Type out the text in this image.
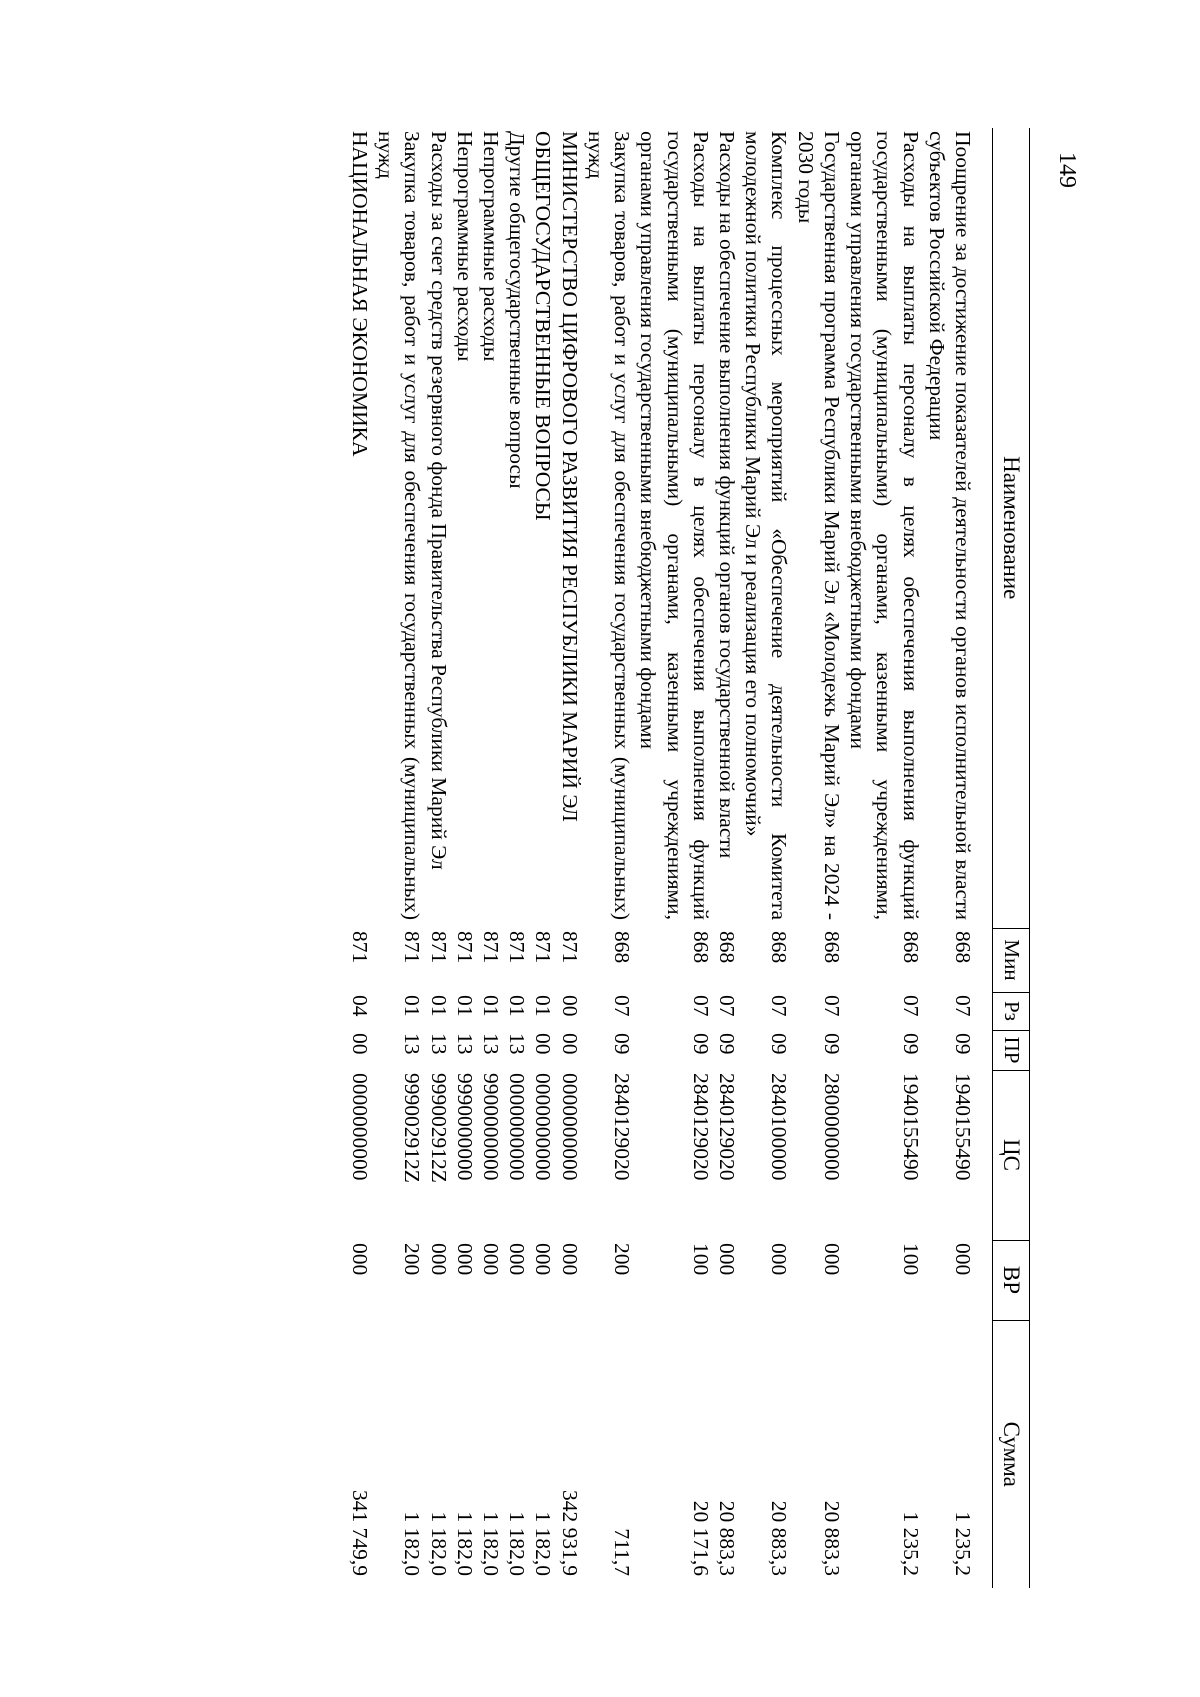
149
Наименование	Мин	Рз	ПР	ЦС	ВР	Сумма
Поощрение за достижение показателей деятельности органов исполнительной власти субъектов Российской Федерации	868	07	09	1940155490	000	1 235,2
Расходы на выплаты персоналу в целях обеспечения выполнения функций государственными (муниципальными) органами, казенными учреждениями, органами управления государственными внебюджетными фондами	868	07	09	1940155490	100	1 235,2
Государственная программа Республики Марий Эл «Молодежь Марий Эл» на 2024 - 2030 годы	868	07	09	2800000000	000	20 883,3
Комплекс процессных мероприятий «Обеспечение деятельности Комитета молодежной политики Республики Марий Эл и реализация его полномочий»	868	07	09	2840100000	000	20 883,3
Расходы на обеспечение выполнения функций органов государственной власти	868	07	09	2840129020	000	20 883,3
Расходы на выплаты персоналу в целях обеспечения выполнения функций государственными (муниципальными) органами, казенными учреждениями, органами управления государственными внебюджетными фондами	868	07	09	2840129020	100	20 171,6
Закупка товаров, работ и услуг для обеспечения государственных (муниципальных) нужд	868	07	09	2840129020	200	711,7
МИНИСТЕРСТВО ЦИФРОВОГО РАЗВИТИЯ РЕСПУБЛИКИ МАРИЙ ЭЛ	871	00	00	0000000000	000	342 931,9
ОБЩЕГОСУДАРСТВЕННЫЕ ВОПРОСЫ	871	01	00	0000000000	000	1 182,0
Другие общегосударственные вопросы	871	01	13	0000000000	000	1 182,0
Непрограммные расходы	871	01	13	9900000000	000	1 182,0
Непрограммные расходы	871	01	13	9990000000	000	1 182,0
Расходы за счет средств резервного фонда Правительства Республики Марий Эл	871	01	13	999002912Z	000	1 182,0
Закупка товаров, работ и услуг для обеспечения государственных (муниципальных) нужд	871	01	13	999002912Z	200	1 182,0
НАЦИОНАЛЬНАЯ ЭКОНОМИКА	871	04	00	0000000000	000	341 749,9
